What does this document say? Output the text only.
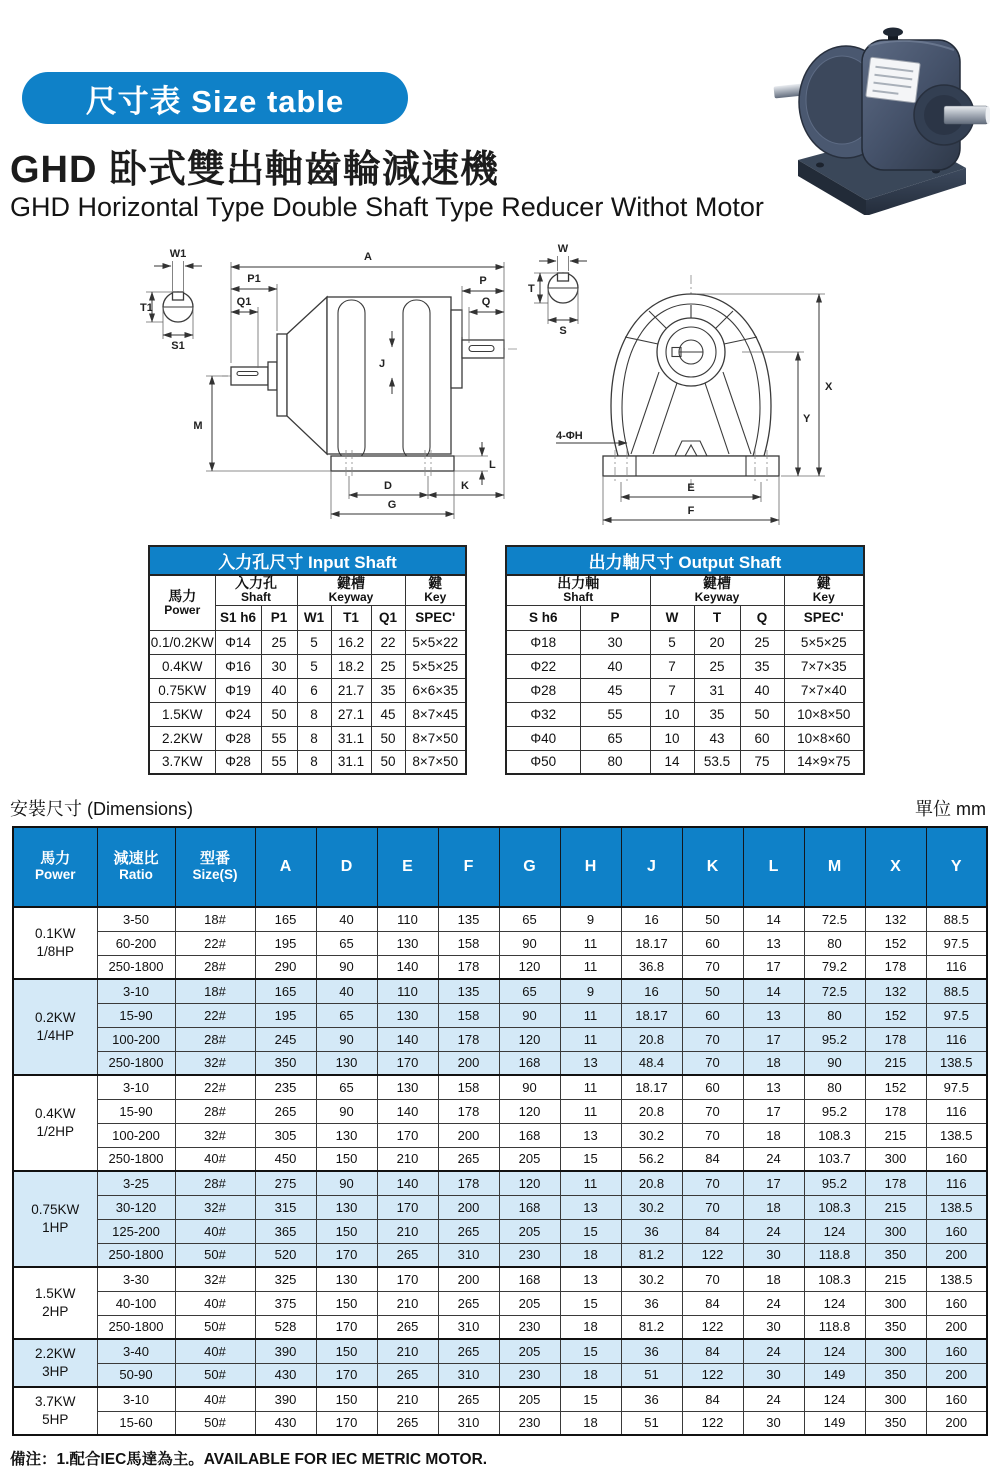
尺寸表 Size table
GHD 卧式雙出軸齒輪減速機
GHD Horizontal Type Double Shaft Type Reducer Withot Motor
W1
T1
S1
A
P1
Q1
P
Q
J
M
L
D	K
G
W
T
S
4-ΦH
X
Y
E
F
入力孔尺寸 Input Shaft
馬力
Power	入力孔
Shaft		鍵槽
Keyway			鍵
Key

	S1 h6	P1	W1	T1	Q1	SPEC'
0.1/0.2KW	Φ14	25	5	16.2	22	5×5×22
0.4KW	Φ16	30	5	18.2	25	5×5×25
0.75KW	Φ19	40	6	21.7	35	6×6×35
1.5KW	Φ24	50	8	27.1	45	8×7×45
2.2KW	Φ28	55	8	31.1	50	8×7×50
3.7KW	Φ28	55	8	31.1	50	8×7×50
出力軸尺寸 Output Shaft
出力軸
Shaft		鍵槽
Keyway			鍵
Key

S h6	P	W	T	Q	SPEC'
Φ18	30	5	20	25	5×5×25
Φ22	40	7	25	35	7×7×35
Φ28	45	7	31	40	7×7×40
Φ32	55	10	35	50	10×8×50
Φ40	65	10	43	60	10×8×60
Φ50	80	14	53.5	75	14×9×75
安裝尺寸 (Dimensions)	單位 mm
馬力
Power	減速比
Ratio	型番
Size(S)	A	D	E	F	G	H	J	K	L	M	X	Y

0.1KW
1/8HP	3-50	18#	165	40	110	135	65	9	16	50	14	72.5	132	88.5
	60-200	22#	195	65	130	158	90	11	18.17	60	13	80	152	97.5
	250-1800	28#	290	90	140	178	120	11	36.8	70	17	79.2	178	116

0.2KW
1/4HP	3-10	18#	165	40	110	135	65	9	16	50	14	72.5	132	88.5
	15-90	22#	195	65	130	158	90	11	18.17	60	13	80	152	97.5
	100-200	28#	245	90	140	178	120	11	20.8	70	17	95.2	178	116
	250-1800	32#	350	130	170	200	168	13	48.4	70	18	90	215	138.5

0.4KW
1/2HP	3-10	22#	235	65	130	158	90	11	18.17	60	13	80	152	97.5
	15-90	28#	265	90	140	178	120	11	20.8	70	17	95.2	178	116
	100-200	32#	305	130	170	200	168	13	30.2	70	18	108.3	215	138.5
	250-1800	40#	450	150	210	265	205	15	56.2	84	24	103.7	300	160

0.75KW
1HP	3-25	28#	275	90	140	178	120	11	20.8	70	17	95.2	178	116
	30-120	32#	315	130	170	200	168	13	30.2	70	18	108.3	215	138.5
	125-200	40#	365	150	210	265	205	15	36	84	24	124	300	160
	250-1800	50#	520	170	265	310	230	18	81.2	122	30	118.8	350	200

1.5KW
2HP	3-30	32#	325	130	170	200	168	13	30.2	70	18	108.3	215	138.5
	40-100	40#	375	150	210	265	205	15	36	84	24	124	300	160
	250-1800	50#	528	170	265	310	230	18	81.2	122	30	118.8	350	200

2.2KW
3HP	3-40	40#	390	150	210	265	205	15	36	84	24	124	300	160
	50-90	50#	430	170	265	310	230	18	51	122	30	149	350	200

3.7KW
5HP	3-10	40#	390	150	210	265	205	15	36	84	24	124	300	160
	15-60	50#	430	170	265	310	230	18	51	122	30	149	350	200
備注：1.配合IEC馬達為主。AVAILABLE FOR IEC METRIC MOTOR.
